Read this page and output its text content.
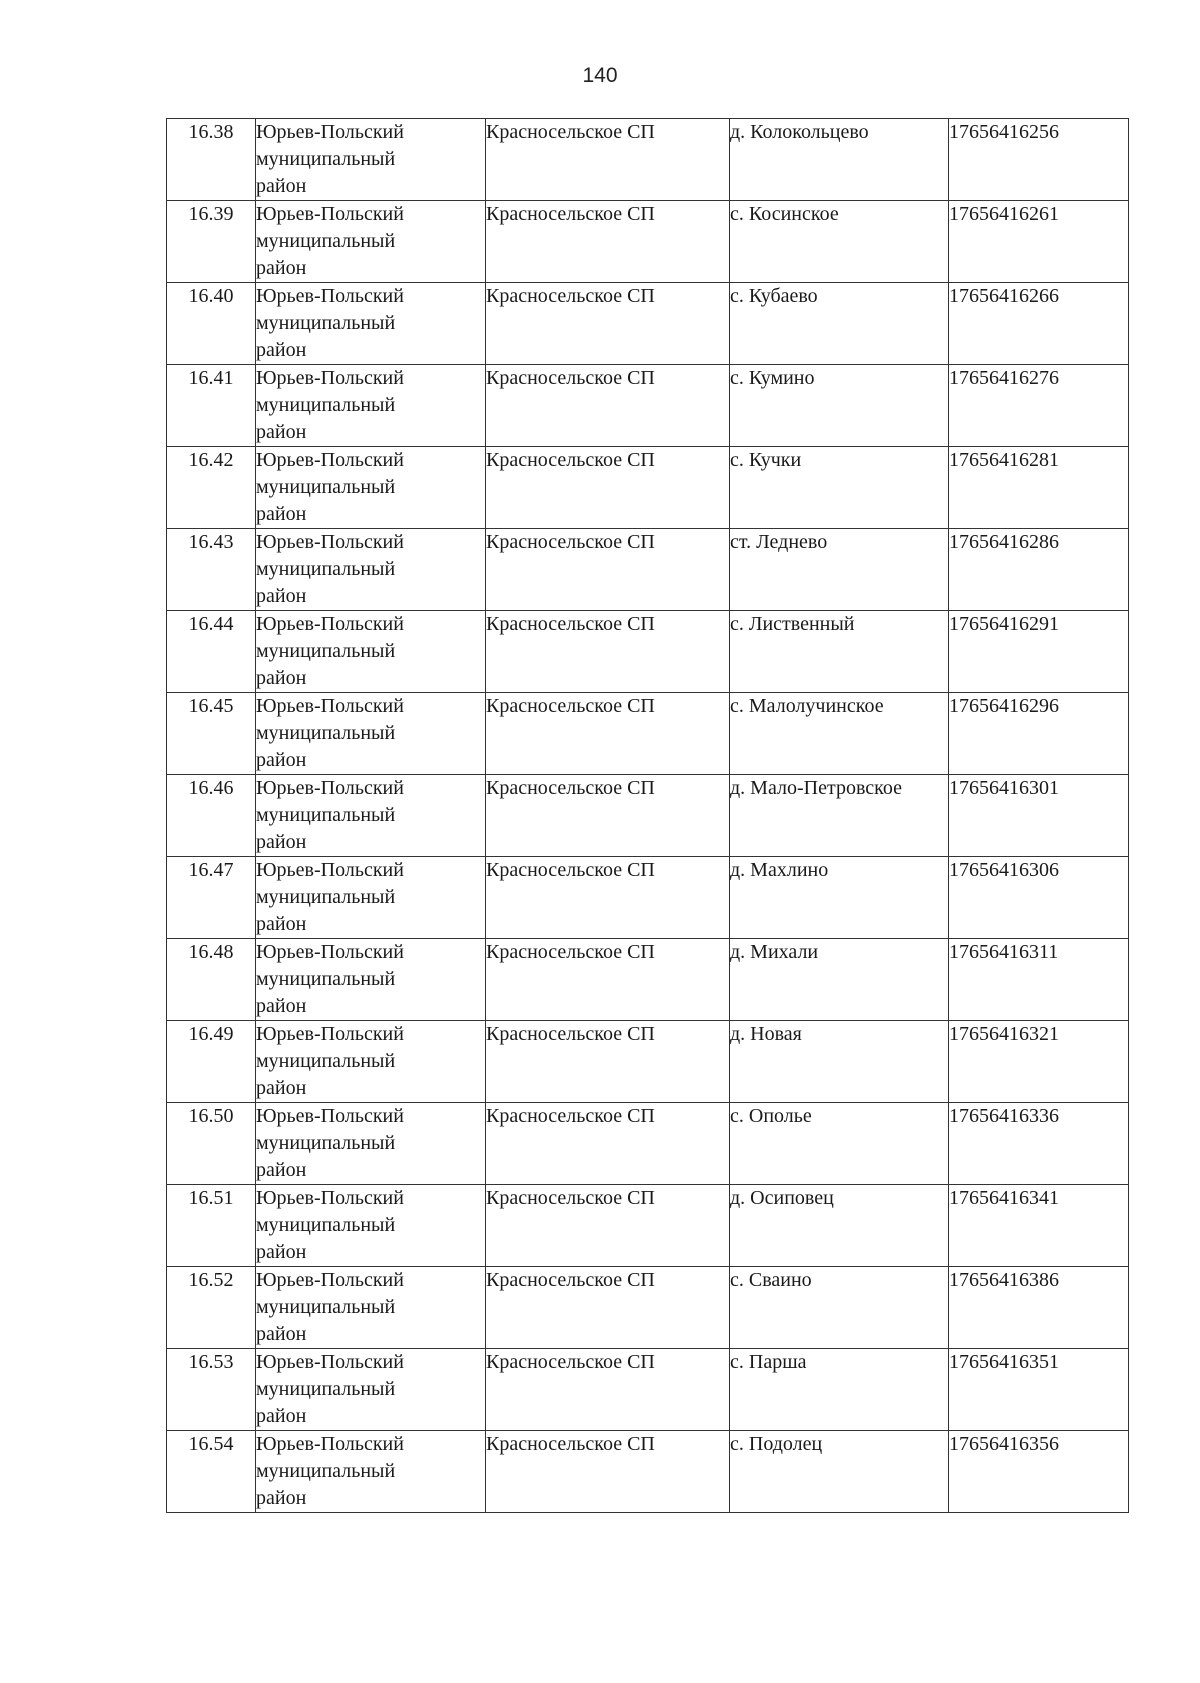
140
16.38	Юрьев-Польский
муниципальный
район	Красносельское СП	д. Колокольцево	17656416256

16.39	Юрьев-Польский
муниципальный
район	Красносельское СП	с. Косинское	17656416261

16.40	Юрьев-Польский
муниципальный
район	Красносельское СП	с. Кубаево	17656416266

16.41	Юрьев-Польский
муниципальный
район	Красносельское СП	с. Кумино	17656416276

16.42	Юрьев-Польский
муниципальный
район	Красносельское СП	с. Кучки	17656416281

16.43	Юрьев-Польский
муниципальный
район	Красносельское СП	ст. Леднево	17656416286

16.44	Юрьев-Польский
муниципальный
район	Красносельское СП	с. Лиственный	17656416291

16.45	Юрьев-Польский
муниципальный
район	Красносельское СП	с. Малолучинское	17656416296

16.46	Юрьев-Польский
муниципальный
район	Красносельское СП	д. Мало-Петровское	17656416301

16.47	Юрьев-Польский
муниципальный
район	Красносельское СП	д. Махлино	17656416306

16.48	Юрьев-Польский
муниципальный
район	Красносельское СП	д. Михали	17656416311

16.49	Юрьев-Польский
муниципальный
район	Красносельское СП	д. Новая	17656416321

16.50	Юрьев-Польский
муниципальный
район	Красносельское СП	с. Опольe	17656416336

16.51	Юрьев-Польский
муниципальный
район	Красносельское СП	д. Осиповец	17656416341

16.52	Юрьев-Польский
муниципальный
район	Красносельское СП	с. Сваино	17656416386

16.53	Юрьев-Польский
муниципальный
район	Красносельское СП	с. Парша	17656416351

16.54	Юрьев-Польский
муниципальный
район	Красносельское СП	с. Подолец	17656416356
